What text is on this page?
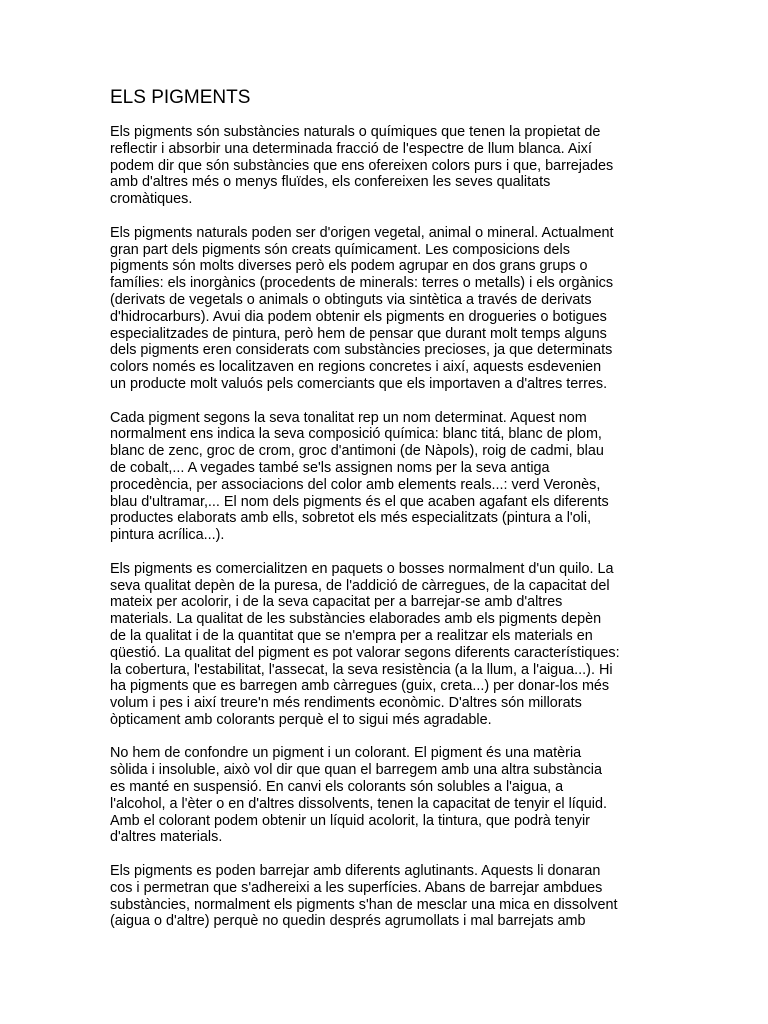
ELS PIGMENTS
Els pigments són substàncies naturals o químiques que tenen la propietat de
reflectir i absorbir una determinada fracció de l'espectre de llum blanca. Així
podem dir que són substàncies que ens ofereixen colors purs i que, barrejades
amb d'altres més o menys fluïdes, els confereixen les seves qualitats
cromàtiques.
Els pigments naturals poden ser d'origen vegetal, animal o mineral. Actualment
gran part dels pigments són creats químicament. Les composicions dels
pigments són molts diverses però els podem agrupar en dos grans grups o
famílies: els inorgànics (procedents de minerals: terres o metalls) i els orgànics
(derivats de vegetals o animals o obtinguts via sintètica a través de derivats
d'hidrocarburs). Avui dia podem obtenir els pigments en drogueries o botigues
especialitzades de pintura, però hem de pensar que durant molt temps alguns
dels pigments eren considerats com substàncies precioses, ja que determinats
colors només es localitzaven en regions concretes i així, aquests esdevenien
un producte molt valuós pels comerciants que els importaven a d'altres terres.
Cada pigment segons la seva tonalitat rep un nom determinat. Aquest nom
normalment ens indica la seva composició química: blanc titá, blanc de plom,
blanc de zenc, groc de crom, groc d'antimoni (de Nàpols), roig de cadmi, blau
de cobalt,... A vegades també se'ls assignen noms per la seva antiga
procedència, per associacions del color amb elements reals...: verd Veronès,
blau d'ultramar,... El nom dels pigments és el que acaben agafant els diferents
productes elaborats amb ells, sobretot els més especialitzats (pintura a l'oli,
pintura acrílica...).
Els pigments es comercialitzen en paquets o bosses normalment d'un quilo. La
seva qualitat depèn de la puresa, de l'addició de càrregues, de la capacitat del
mateix per acolorir, i de la seva capacitat per a barrejar-se amb d'altres
materials. La qualitat de les substàncies elaborades amb els pigments depèn
de la qualitat i de la quantitat que se n'empra per a realitzar els materials en
qüestió. La qualitat del pigment es pot valorar segons diferents característiques:
la cobertura, l'estabilitat, l'assecat, la seva resistència (a la llum, a l'aigua...). Hi
ha pigments que es barregen amb càrregues (guix, creta...) per donar-los més
volum i pes i així treure'n més rendiments econòmic. D'altres són millorats
òpticament amb colorants perquè el to sigui més agradable.
No hem de confondre un pigment i un colorant. El pigment és una matèria
sòlida i insoluble, això vol dir que quan el barregem amb una altra substància
es manté en suspensió. En canvi els colorants són solubles a l'aigua, a
l'alcohol, a l'èter o en d'altres dissolvents, tenen la capacitat de tenyir el líquid.
Amb el colorant podem obtenir un líquid acolorit, la tintura, que podrà tenyir
d'altres materials.
Els pigments es poden barrejar amb diferents aglutinants. Aquests li donaran
cos i permetran que s'adhereixi a les superfícies. Abans de barrejar ambdues
substàncies, normalment els pigments s'han de mesclar una mica en dissolvent
(aigua o d'altre) perquè no quedin després agrumollats i mal barrejats amb
